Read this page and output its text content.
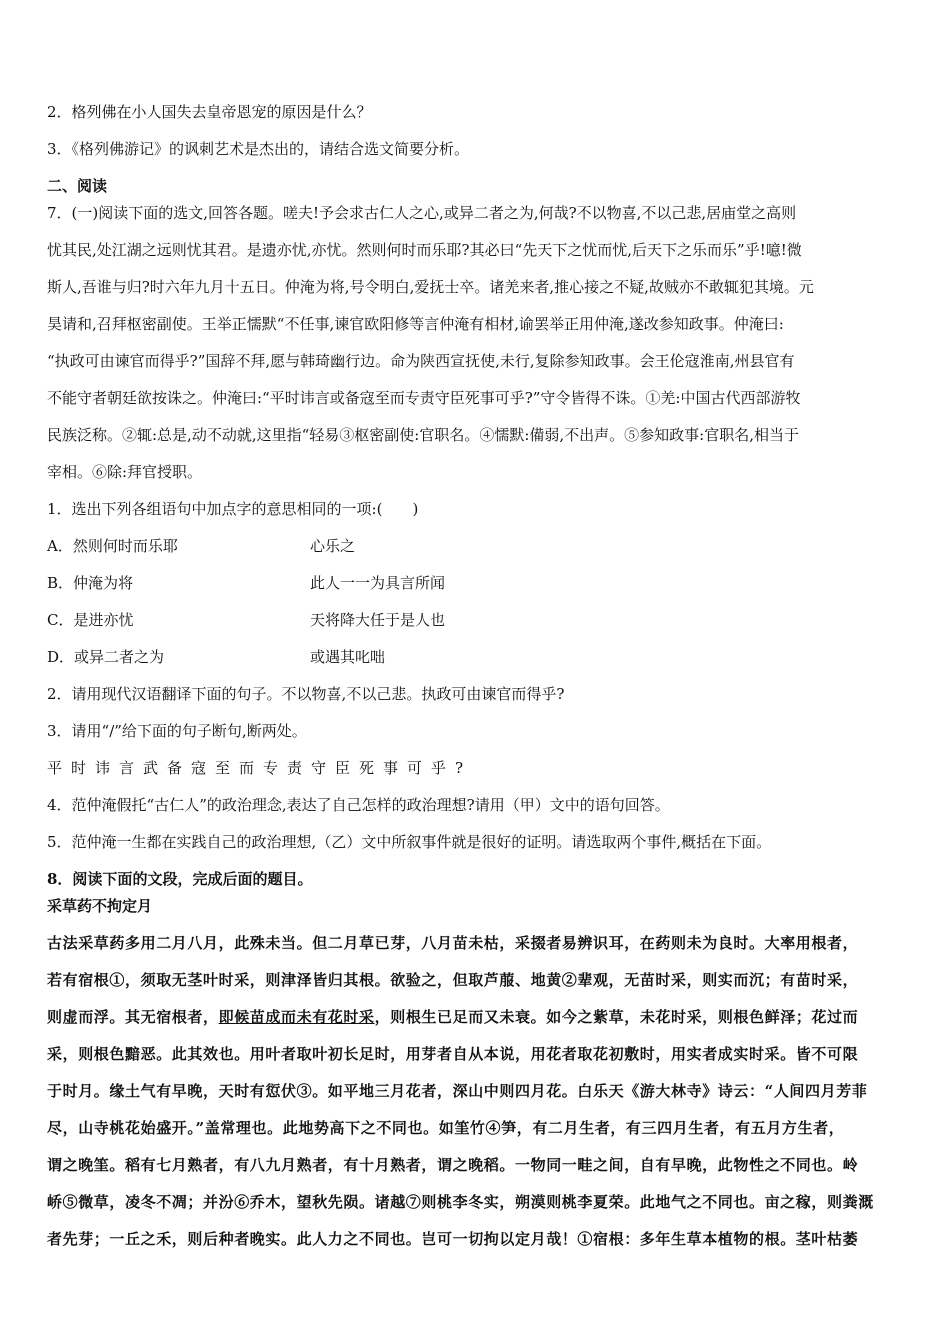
2．格列佛在小人国失去皇帝恩宠的原因是什么？
3．《格列佛游记》的讽刺艺术是杰出的，请结合选文简要分析。
二、阅读
7．(一)阅读下面的选文,回答各题。嗟夫!予会求古仁人之心,或异二者之为,何哉?不以物喜,不以己悲,居庙堂之高则
忧其民,处江湖之远则忧其君。是遗亦忧,亦忧。然则何时而乐耶?其必曰“先天下之忧而忧,后天下之乐而乐”乎!噫!微
斯人,吾谁与归?时六年九月十五日。仲淹为将,号令明白,爱抚士卒。诸羌来者,推心接之不疑,故贼亦不敢辄犯其境。元
昊请和,召拜枢密副使。王举正懦默“不任事,谏官欧阳修等言仲淹有相材,谕罢举正用仲淹,遂改参知政事。仲淹曰:
“执政可由谏官而得乎?”国辞不拜,愿与韩琦幽行边。命为陕西宣抚使,未行,复除参知政事。会王伦寇淮南,州县官有
不能守者朝廷欲按诛之。仲淹曰:“平时讳言或备寇至而专责守臣死事可乎?”守令皆得不诛。①羌:中国古代西部游牧
民族泛称。②辄:总是,动不动就,这里指“轻易③枢密副使:官职名。④懦默:備弱,不出声。⑤参知政事:官职名,相当于
宰相。⑥除:拜官授职。
1．选出下列各组语句中加点字的意思相同的一项:(　　)
A．然则何时而乐耶	心乐之
B．仲淹为将	此人一一为具言所闻
C．是进亦忧	天将降大任于是人也
D．或异二者之为	或遇其叱咄
2．请用现代汉语翻译下面的句子。不以物喜,不以己悲。执政可由谏官而得乎?
3．请用“/”给下面的句子断句,断两处。
平时讳言武备寇至而专责守臣死事可乎?
4．范仲淹假托“古仁人”的政治理念,表达了自己怎样的政治理想?请用（甲）文中的语句回答。
5．范仲淹一生都在实践自己的政治理想,（乙）文中所叙事件就是很好的证明。请选取两个事件,概括在下面。
8．阅读下面的文段，完成后面的题目。
采草药不拘定月
古法采草药多用二月八月，此殊未当。但二月草已芽，八月苗未枯，采掇者易辨识耳，在药则未为良时。大率用根者，
若有宿根①，须取无茎叶时采，则津泽皆归其根。欲验之，但取芦菔、地黄②辈观，无苗时采，则实而沉；有苗时采，
则虚而浮。其无宿根者，即候苗成而未有花时采，则根生已足而又未衰。如今之紫草，未花时采，则根色鲜泽；花过而
采，则根色黯恶。此其效也。用叶者取叶初长足时，用芽者自从本说，用花者取花初敷时，用实者成实时采。皆不可限
于时月。缘土气有早晚，天时有愆伏③。如平地三月花者，深山中则四月花。白乐天《游大林寺》诗云：“人间四月芳菲
尽，山寺桃花始盛开。”盖常理也。此地势高下之不同也。如筀竹④笋，有二月生者，有三四月生者，有五月方生者，
谓之晚筀。稻有七月熟者，有八九月熟者，有十月熟者，谓之晚稻。一物同一畦之间，自有早晚，此物性之不同也。岭
峤⑤微草，凌冬不凋；并汾⑥乔木，望秋先陨。诸越⑦则桃李冬实，朔漠则桃李夏荣。此地气之不同也。亩之稼，则粪溉
者先芽；一丘之禾，则后种者晚实。此人力之不同也。岂可一切拘以定月哉！①宿根：多年生草本植物的根。茎叶枯萎
